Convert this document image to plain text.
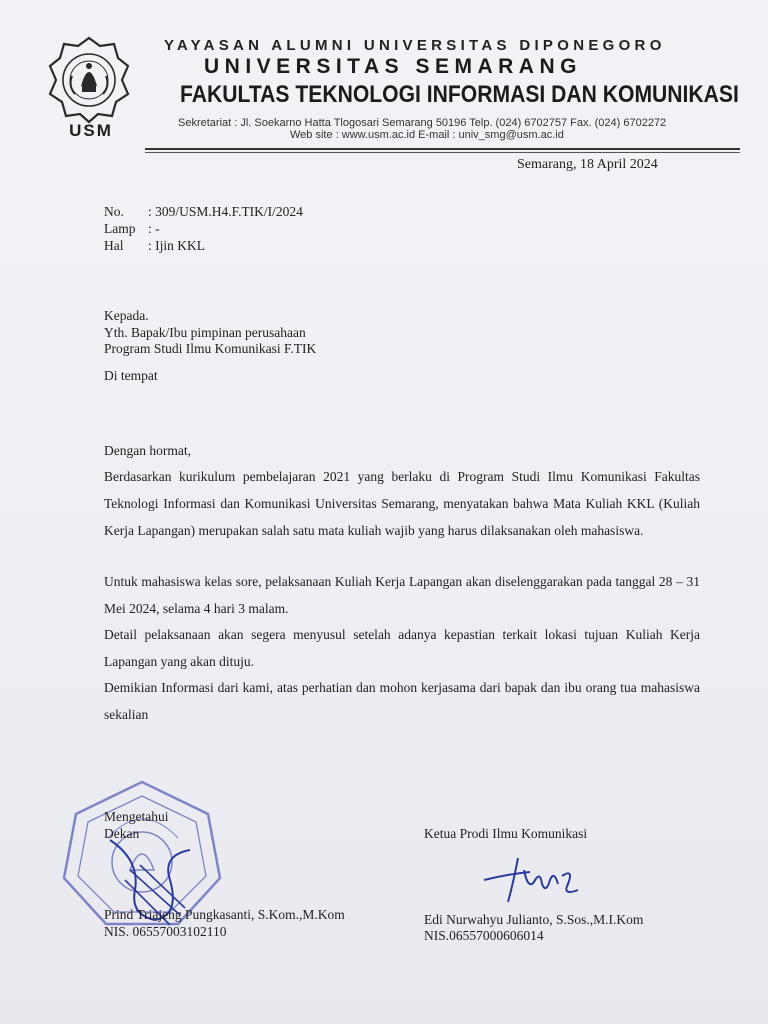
USM
YAYASAN ALUMNI UNIVERSITAS DIPONEGORO
UNIVERSITAS SEMARANG
FAKULTAS TEKNOLOGI INFORMASI DAN KOMUNIKASI
Sekretariat : Jl. Soekarno Hatta Tlogosari Semarang 50196 Telp. (024) 6702757 Fax. (024) 6702272
Web site : www.usm.ac.id E-mail : univ_smg@usm.ac.id
Semarang, 18 April 2024
No.	: 309/USM.H4.F.TIK/I/2024
Lamp : -
Hal	: Ijin KKL
Kepada.
Yth. Bapak/Ibu pimpinan perusahaan
Program Studi Ilmu Komunikasi F.TIK
Di tempat
Dengan hormat,
Berdasarkan kurikulum pembelajaran 2021 yang berlaku di Program Studi Ilmu Komunikasi Fakultas Teknologi Informasi dan Komunikasi Universitas Semarang, menyatakan bahwa Mata Kuliah KKL (Kuliah Kerja Lapangan) merupakan salah satu mata kuliah wajib yang harus dilaksanakan oleh mahasiswa.
Untuk mahasiswa kelas sore, pelaksanaan Kuliah Kerja Lapangan akan diselenggarakan pada tanggal 28 – 31 Mei 2024, selama 4 hari 3 malam.
Detail pelaksanaan akan segera menyusul setelah adanya kepastian terkait lokasi tujuan Kuliah Kerja Lapangan yang akan dituju.
Demikian Informasi dari kami, atas perhatian dan mohon kerjasama dari bapak dan ibu orang tua mahasiswa sekalian
Mengetahui
Dekan	Ketua Prodi Ilmu Komunikasi
Prind Triajeng Pungkasanti, S.Kom.,M.Kom
NIS. 06557003102110
Edi Nurwahyu Julianto, S.Sos.,M.I.Kom
NIS.06557000606014
